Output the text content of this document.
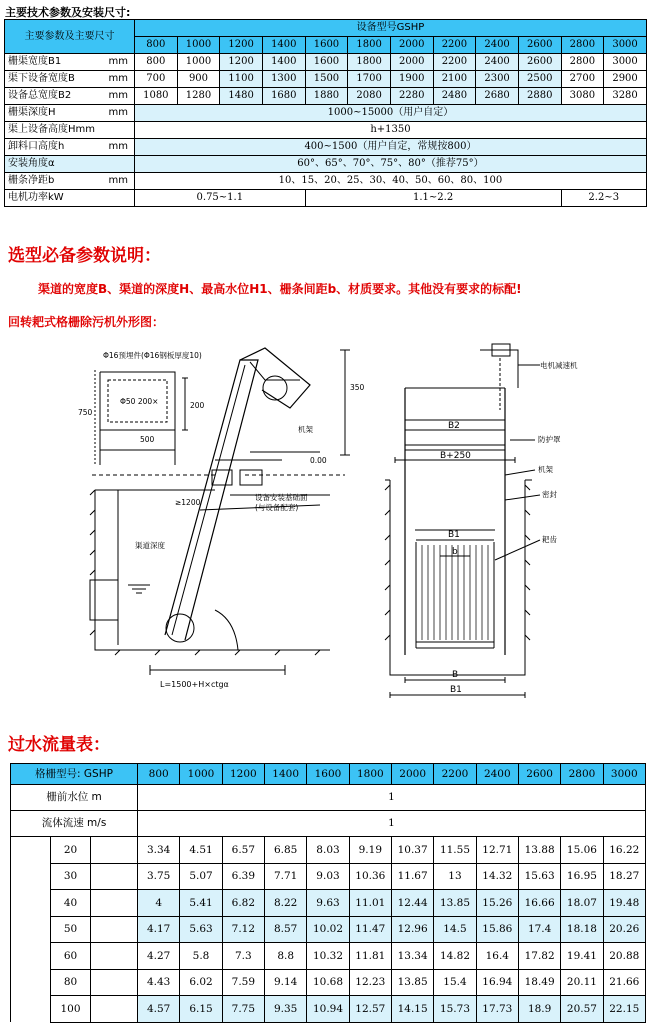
主要技术参数及安装尺寸:
主要参数及主要尺寸	设备型号GSHP											
	800	1000	1200	1400	1600	1800	2000	2200	2400	2600	2800	3000
栅渠宽度B1 mm	800	1000	1200	1400	1600	1800	2000	2200	2400	2600	2800	3000
渠下设备宽度B mm	700	900	1100	1300	1500	1700	1900	2100	2300	2500	2700	2900
设备总宽度B2 mm	1080	1280	1480	1680	1880	2080	2280	2480	2680	2880	3080	3280
栅渠深度H mm	1000~15000（用户自定）											
渠上设备高度Hmm	h+1350											
卸料口高度h mm	400~1500（用户自定，常规按800）											
安装角度α	60°、65°、70°、75°、80°（推荐75°）											
栅条净距b mm	10、15、20、25、30、40、50、60、80、100											
电机功率kW	0.75~1.1				1.1~2.2						2.2~3	
选型必备参数说明：
渠道的宽度B、渠道的深度H、最高水位H1、栅条间距b、材质要求。其他没有要求的标配!
回转耙式格栅除污机外形图：
Φ16预埋件(Φ16钢板厚度10)
Φ50 200×
500
200
750
350
机架
0.00
≥1200
设备安装基础面
(与设备配套)
渠道深度
L=1500+H×ctgα
电机减速机
B2
B+250
防护罩
机架
密封
耙齿
B1
b
B
B1
过水流量表：
格栅型号: GSHP			800	1000	1200	1400	1600	1800	2000	2200	2400	2600	2800	3000
栅前水位 m			1											
流体流速 m/s			1											
	20		3.34	4.51	6.57	6.85	8.03	9.19	10.37	11.55	12.71	13.88	15.06	16.22
	30		3.75	5.07	6.39	7.71	9.03	10.36	11.67	13	14.32	15.63	16.95	18.27
	40		4	5.41	6.82	8.22	9.63	11.01	12.44	13.85	15.26	16.66	18.07	19.48
	50		4.17	5.63	7.12	8.57	10.02	11.47	12.96	14.5	15.86	17.4	18.18	20.26
	60		4.27	5.8	7.3	8.8	10.32	11.81	13.34	14.82	16.4	17.82	19.41	20.88
	80		4.43	6.02	7.59	9.14	10.68	12.23	13.85	15.4	16.94	18.49	20.11	21.66
	100		4.57	6.15	7.75	9.35	10.94	12.57	14.15	15.73	17.73	18.9	20.57	22.15
